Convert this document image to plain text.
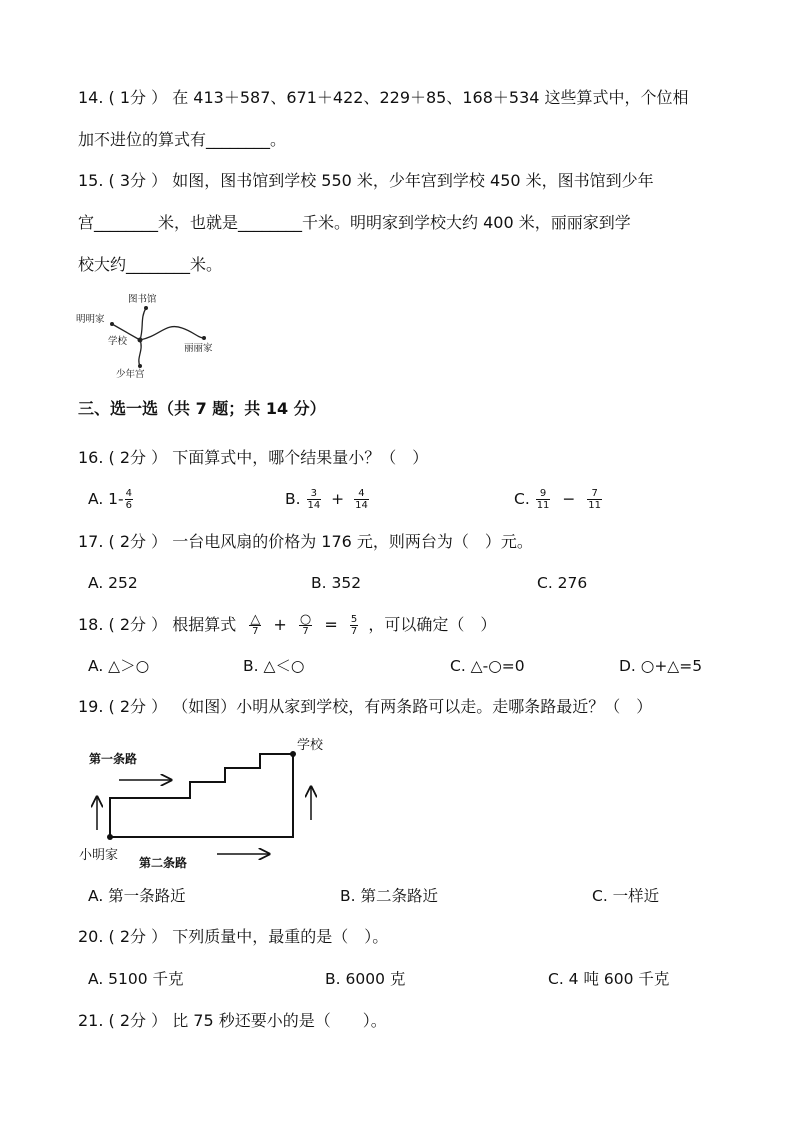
14. ( 1分 ） 在 413＋587、671＋422、229＋85、168＋534 这些算式中，个位相
加不进位的算式有________。
15. ( 3分 ） 如图，图书馆到学校 550 米，少年宫到学校 450 米，图书馆到少年
宫________米，也就是________千米。明明家到学校大约 400 米，丽丽家到学
校大约________米。
图书馆
明明家
学校
丽丽家
少年宫
三、选一选（共 7 题；共 14 分）
16. ( 2分 ） 下面算式中，哪个结果量小？（　）
A. $1- \frac{4}{6}$	B. $\frac{3}{14} + \frac{4}{14}$	C. $\frac{9}{11} - \frac{7}{11}$
17. ( 2分 ） 一台电风扇的价格为 176 元，则两台为（　）元。
A. 252	B. 352	C. 276
18. ( 2分 ） 根据算式 $\frac{\triangle}{7} + \frac{○}{7} = \frac{5}{7}$ ，可以确定（　）
A. △＞○	B. △＜○	C. △-○=0	D. ○+△=5
19. ( 2分 ） （如图）小明从家到学校，有两条路可以走。走哪条路最近？（　）
第一条路
学校
小明家 第二条路
A. 第一条路近	B. 第二条路近	C. 一样近
20. ( 2分 ） 下列质量中，最重的是（　）。
A. 5100 千克	B. 6000 克	C. 4 吨 600 千克
21. ( 2分 ） 比 75 秒还要小的是（　　）。
